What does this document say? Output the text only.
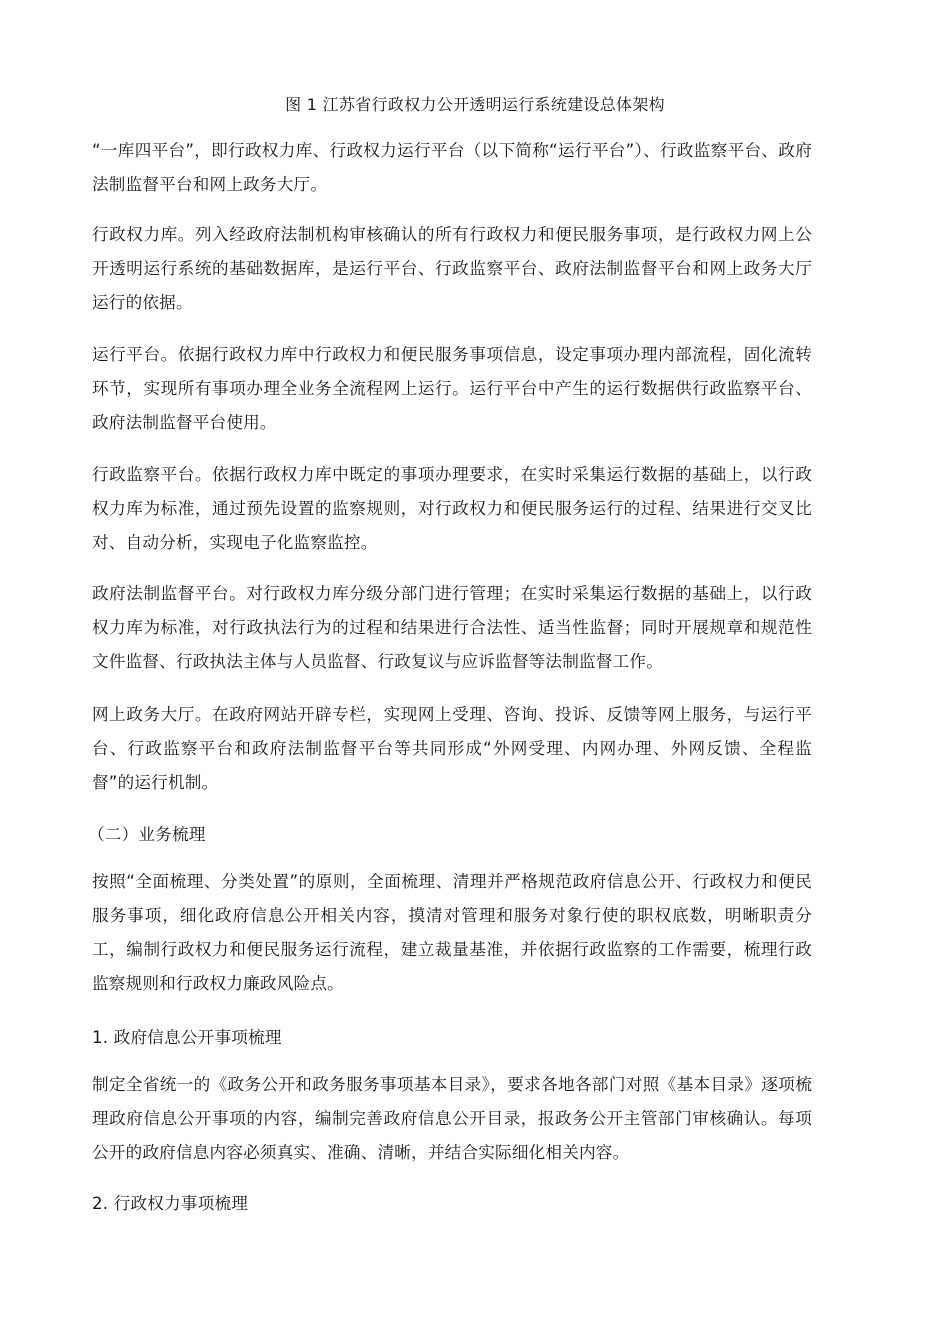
图 1 江苏省行政权力公开透明运行系统建设总体架构

“一库四平台”，即行政权力库、行政权力运行平台（以下简称“运行平台”）、行政监察平台、政府法制监督平台和网上政务大厅。

行政权力库。列入经政府法制机构审核确认的所有行政权力和便民服务事项，是行政权力网上公开透明运行系统的基础数据库，是运行平台、行政监察平台、政府法制监督平台和网上政务大厅运行的依据。

运行平台。依据行政权力库中行政权力和便民服务事项信息，设定事项办理内部流程，固化流转环节，实现所有事项办理全业务全流程网上运行。运行平台中产生的运行数据供行政监察平台、政府法制监督平台使用。

行政监察平台。依据行政权力库中既定的事项办理要求，在实时采集运行数据的基础上，以行政权力库为标准，通过预先设置的监察规则，对行政权力和便民服务运行的过程、结果进行交叉比对、自动分析，实现电子化监察监控。

政府法制监督平台。对行政权力库分级分部门进行管理；在实时采集运行数据的基础上，以行政权力库为标准，对行政执法行为的过程和结果进行合法性、适当性监督；同时开展规章和规范性文件监督、行政执法主体与人员监督、行政复议与应诉监督等法制监督工作。

网上政务大厅。在政府网站开辟专栏，实现网上受理、咨询、投诉、反馈等网上服务，与运行平台、行政监察平台和政府法制监督平台等共同形成“外网受理、内网办理、外网反馈、全程监督”的运行机制。

（二）业务梳理

按照“全面梳理、分类处置”的原则，全面梳理、清理并严格规范政府信息公开、行政权力和便民服务事项，细化政府信息公开相关内容，摸清对管理和服务对象行使的职权底数，明晰职责分工，编制行政权力和便民服务运行流程，建立裁量基准，并依据行政监察的工作需要，梳理行政监察规则和行政权力廉政风险点。

1. 政府信息公开事项梳理

制定全省统一的《政务公开和政务服务事项基本目录》，要求各地各部门对照《基本目录》逐项梳理政府信息公开事项的内容，编制完善政府信息公开目录，报政务公开主管部门审核确认。每项公开的政府信息内容必须真实、准确、清晰，并结合实际细化相关内容。

2. 行政权力事项梳理
